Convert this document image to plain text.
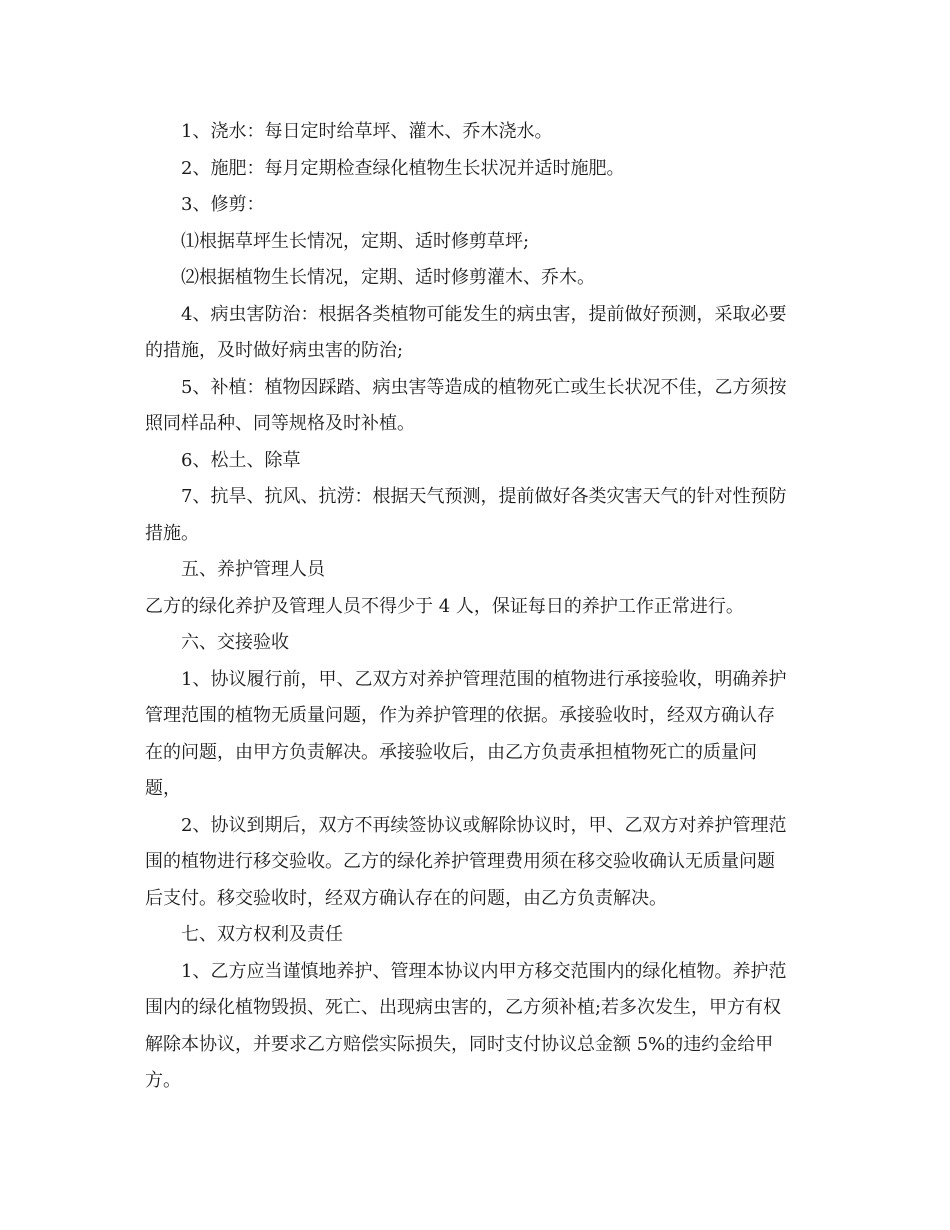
1、浇水：每日定时给草坪、灌木、乔木浇水。

2、施肥：每月定期检查绿化植物生长状况并适时施肥。

3、修剪：

⑴根据草坪生长情况，定期、适时修剪草坪;

⑵根据植物生长情况，定期、适时修剪灌木、乔木。

4、病虫害防治：根据各类植物可能发生的病虫害，提前做好预测，采取必要

的措施，及时做好病虫害的防治;

5、补植：植物因踩踏、病虫害等造成的植物死亡或生长状况不佳，乙方须按

照同样品种、同等规格及时补植。

6、松土、除草

7、抗旱、抗风、抗涝：根据天气预测，提前做好各类灾害天气的针对性预防

措施。

五、养护管理人员

乙方的绿化养护及管理人员不得少于 4 人，保证每日的养护工作正常进行。

六、交接验收

1、协议履行前，甲、乙双方对养护管理范围的植物进行承接验收，明确养护

管理范围的植物无质量问题，作为养护管理的依据。承接验收时，经双方确认存

在的问题，由甲方负责解决。承接验收后，由乙方负责承担植物死亡的质量问

题，

2、协议到期后，双方不再续签协议或解除协议时，甲、乙双方对养护管理范

围的植物进行移交验收。乙方的绿化养护管理费用须在移交验收确认无质量问题

后支付。移交验收时，经双方确认存在的问题，由乙方负责解决。

七、双方权利及责任

1、乙方应当谨慎地养护、管理本协议内甲方移交范围内的绿化植物。养护范

围内的绿化植物毁损、死亡、出现病虫害的，乙方须补植;若多次发生，甲方有权

解除本协议，并要求乙方赔偿实际损失，同时支付协议总金额 5%的违约金给甲

方。
